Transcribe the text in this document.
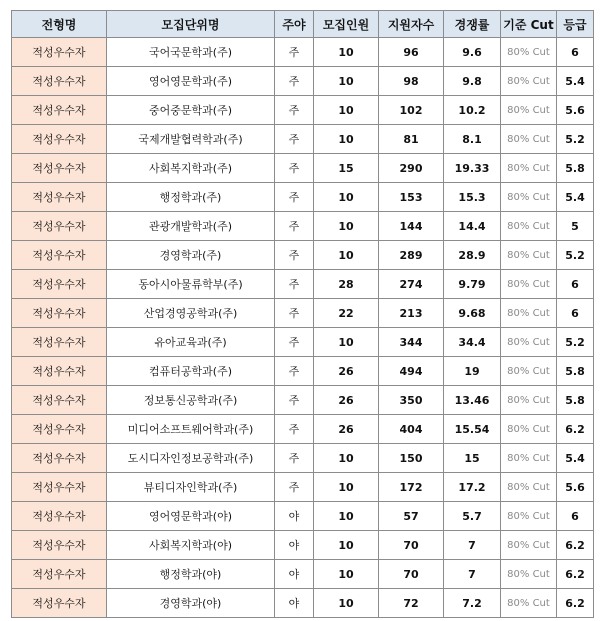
전형명	모집단위명	주야	모집인원	지원자수	경쟁률	기준 Cut	등급
적성우수자	국어국문학과(주)	주	10	96	9.6	80% Cut	6
적성우수자	영어영문학과(주)	주	10	98	9.8	80% Cut	5.4
적성우수자	중어중문학과(주)	주	10	102	10.2	80% Cut	5.6
적성우수자	국제개발협력학과(주)	주	10	81	8.1	80% Cut	5.2
적성우수자	사회복지학과(주)	주	15	290	19.33	80% Cut	5.8
적성우수자	행정학과(주)	주	10	153	15.3	80% Cut	5.4
적성우수자	관광개발학과(주)	주	10	144	14.4	80% Cut	5
적성우수자	경영학과(주)	주	10	289	28.9	80% Cut	5.2
적성우수자	동아시아물류학부(주)	주	28	274	9.79	80% Cut	6
적성우수자	산업경영공학과(주)	주	22	213	9.68	80% Cut	6
적성우수자	유아교육과(주)	주	10	344	34.4	80% Cut	5.2
적성우수자	컴퓨터공학과(주)	주	26	494	19	80% Cut	5.8
적성우수자	정보통신공학과(주)	주	26	350	13.46	80% Cut	5.8
적성우수자	미디어소프트웨어학과(주)	주	26	404	15.54	80% Cut	6.2
적성우수자	도시디자인정보공학과(주)	주	10	150	15	80% Cut	5.4
적성우수자	뷰티디자인학과(주)	주	10	172	17.2	80% Cut	5.6
적성우수자	영어영문학과(야)	야	10	57	5.7	80% Cut	6
적성우수자	사회복지학과(야)	야	10	70	7	80% Cut	6.2
적성우수자	행정학과(야)	야	10	70	7	80% Cut	6.2
적성우수자	경영학과(야)	야	10	72	7.2	80% Cut	6.2
